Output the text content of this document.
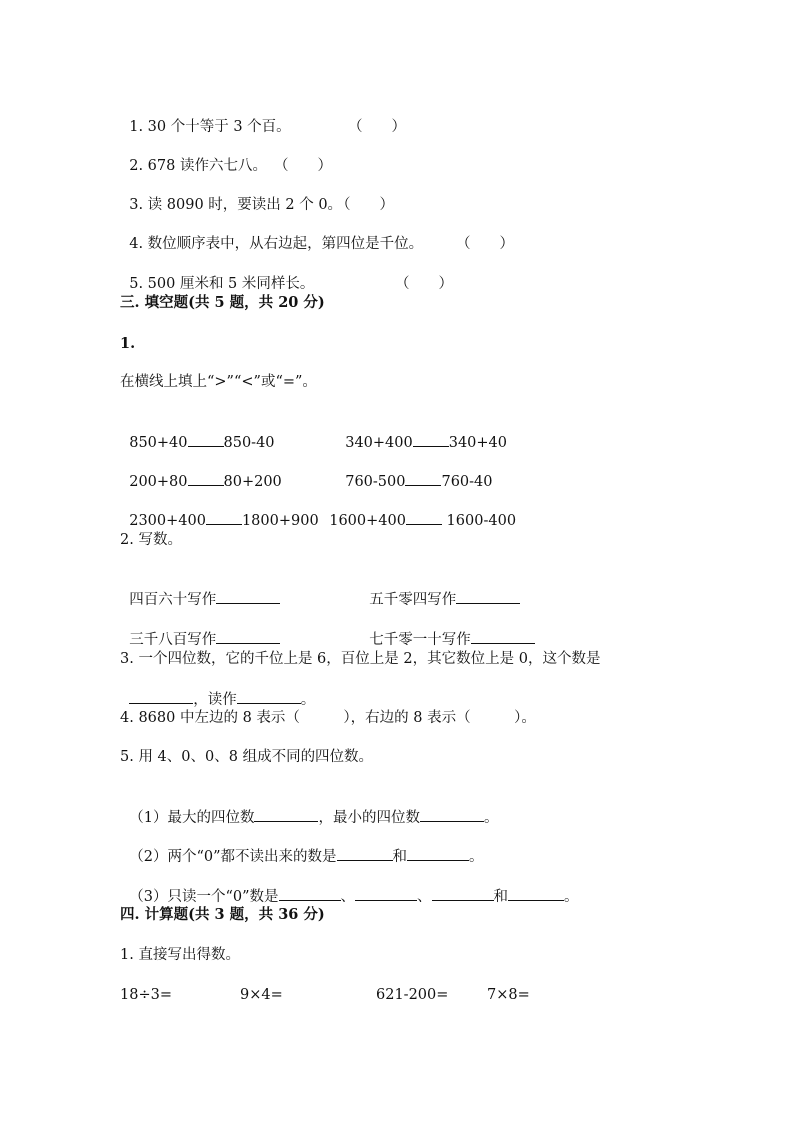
1. 30 个十等于 3 个百。	（　　）

2. 678 读作六七八。 （　　）

3. 读 8090 时，要读出 2 个 0。
（　　）

4. 数位顺序表中，从右边起，第四位是千位。 （　　）

5. 500 厘米和 5 米同样长。	（　　）

三. 填空题(共 5 题，共 20 分)
1.
在横线上填上“>”“<”或“=”。

850+40 850-40	340+400 340+40

200+80 80+200	760-500 760-40

2300+400 1800+900 1600+400 1600-400

2. 写数。

四百六十写作	五千零四写作

三千八百写作	七千零一十写作

3. 一个四位数，它的千位上是 6，百位上是 2，其它数位上是 0，这个数是

，读作	。

4. 8680 中左边的 8 表示（　　　），右边的 8 表示（　　　）。
5. 用 4、0、0、8 组成不同的四位数。

（1）最大的四位数	，最小的四位数	。

（2）两个“0”都不读出来的数是	和	。

（3）只读一个“0”数是	、	、	和	。

四. 计算题(共 3 题，共 36 分)
1. 直接写出得数。
18÷3=	9×4=	621-200=	7×8=
